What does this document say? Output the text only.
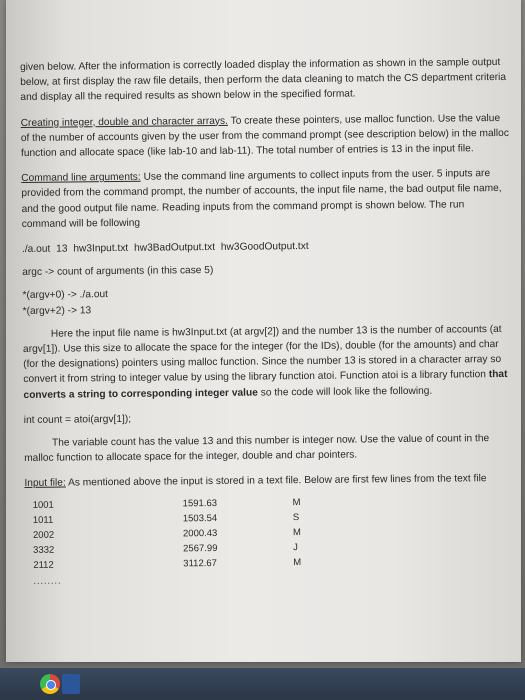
given below. After the information is correctly loaded display the information as shown in the sample output below, at first display the raw file details, then perform the data cleaning to match the CS department criteria and display all the required results as shown below in the specified format.

Creating integer, double and character arrays. To create these pointers, use malloc function. Use the value of the number of accounts given by the user from the command prompt (see description below) in the malloc function and allocate space (like lab-10 and lab-11). The total number of entries is 13 in the input file.

Command line arguments: Use the command line arguments to collect inputs from the user. 5 inputs are provided from the command prompt, the number of accounts, the input file name, the bad output file name, and the good output file name. Reading inputs from the command prompt is shown below. The run command will be following

./a.out 13 hw3Input.txt hw3BadOutput.txt hw3GoodOutput.txt

argc -> count of arguments (in this case 5)

*(argv+0) -> ./a.out

*(argv+2) -> 13

Here the input file name is hw3Input.txt (at argv[2]) and the number 13 is the number of accounts (at argv[1]). Use this size to allocate the space for the integer (for the IDs), double (for the amounts) and char (for the designations) pointers using malloc function. Since the number 13 is stored in a character array so convert it from string to integer value by using the library function atoi. Function atoi is a library function that converts a string to corresponding integer value so the code will look like the following.

int count = atoi(argv[1]);

The variable count has the value 13 and this number is integer now. Use the value of count in the malloc function to allocate space for the integer, double and char pointers.

Input file: As mentioned above the input is stored in a text file. Below are first few lines from the text file

1001	1591.63	M
1011	1503.54	S
2002	2000.43	M
3332	2567.99	J
2112	3112.67	M
........
